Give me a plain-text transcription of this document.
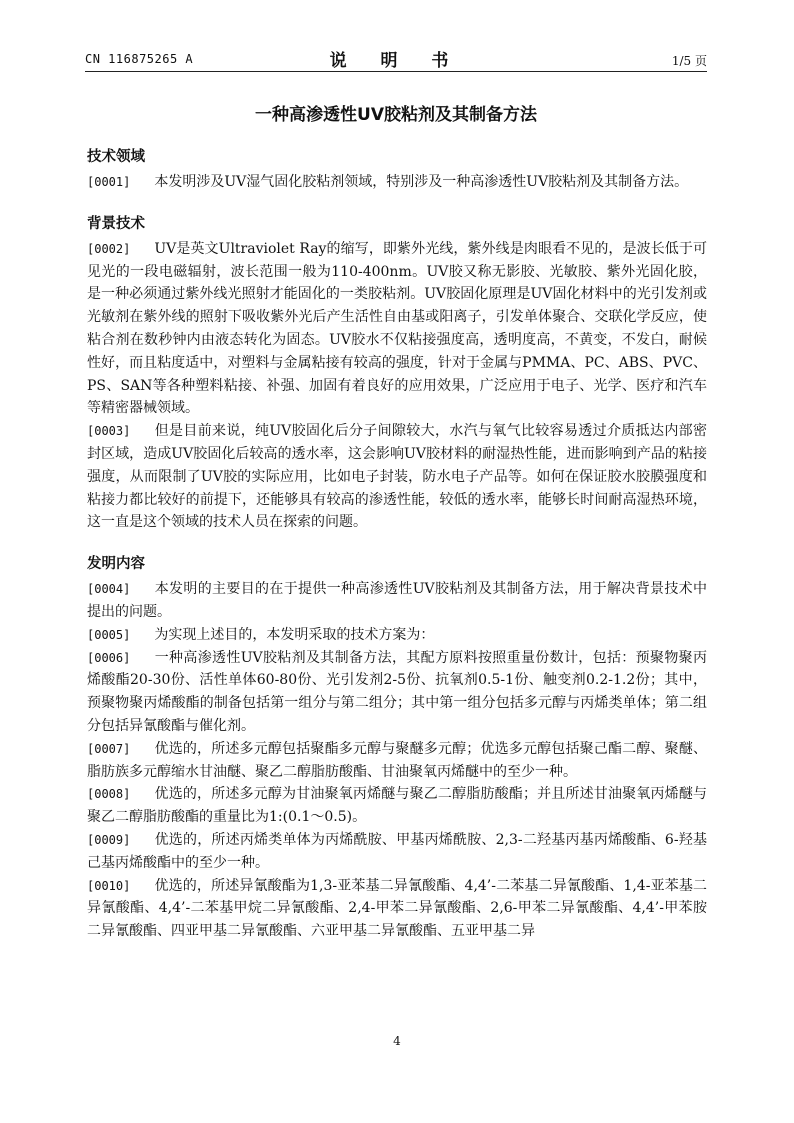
CN 116875265 A	说 明 书	1/5 页
一种高渗透性UV胶粘剂及其制备方法
技术领域

[0001] 本发明涉及UV湿气固化胶粘剂领域，特别涉及一种高渗透性UV胶粘剂及其制备方法。

背景技术

[0002] UV是英文Ultraviolet Ray的缩写，即紫外光线，紫外线是肉眼看不见的，是波长低于可见光的一段电磁辐射，波长范围一般为110-400nm。UV胶又称无影胶、光敏胶、紫外光固化胶，是一种必须通过紫外线光照射才能固化的一类胶粘剂。UV胶固化原理是UV固化材料中的光引发剂或光敏剂在紫外线的照射下吸收紫外光后产生活性自由基或阳离子，引发单体聚合、交联化学反应，使粘合剂在数秒钟内由液态转化为固态。UV胶水不仅粘接强度高，透明度高，不黄变，不发白，耐候性好，而且粘度适中，对塑料与金属粘接有较高的强度，针对于金属与PMMA、PC、ABS、PVC、PS、SAN等各种塑料粘接、补强、加固有着良好的应用效果，广泛应用于电子、光学、医疗和汽车等精密器械领域。

[0003] 但是目前来说，纯UV胶固化后分子间隙较大，水汽与氧气比较容易透过介质抵达内部密封区域，造成UV胶固化后较高的透水率，这会影响UV胶材料的耐湿热性能，进而影响到产品的粘接强度，从而限制了UV胶的实际应用，比如电子封装，防水电子产品等。如何在保证胶水胶膜强度和粘接力都比较好的前提下，还能够具有较高的渗透性能，较低的透水率，能够长时间耐高湿热环境，这一直是这个领域的技术人员在探索的问题。

发明内容

[0004] 本发明的主要目的在于提供一种高渗透性UV胶粘剂及其制备方法，用于解决背景技术中提出的问题。

[0005] 为实现上述目的，本发明采取的技术方案为：

[0006] 一种高渗透性UV胶粘剂及其制备方法，其配方原料按照重量份数计，包括：预聚物聚丙烯酸酯20-30份、活性单体60-80份、光引发剂2-5份、抗氧剂0.5-1份、触变剂0.2-1.2份；其中，预聚物聚丙烯酸酯的制备包括第一组分与第二组分；其中第一组分包括多元醇与丙烯类单体；第二组分包括异氰酸酯与催化剂。

[0007] 优选的，所述多元醇包括聚酯多元醇与聚醚多元醇；优选多元醇包括聚己酯二醇、聚醚、脂肪族多元醇缩水甘油醚、聚乙二醇脂肪酸酯、甘油聚氧丙烯醚中的至少一种。

[0008] 优选的，所述多元醇为甘油聚氧丙烯醚与聚乙二醇脂肪酸酯；并且所述甘油聚氧丙烯醚与聚乙二醇脂肪酸酯的重量比为1:(0.1～0.5)。

[0009] 优选的，所述丙烯类单体为丙烯酰胺、甲基丙烯酰胺、2,3-二羟基丙基丙烯酸酯、6-羟基己基丙烯酸酯中的至少一种。

[0010] 优选的，所述异氰酸酯为1,3-亚苯基二异氰酸酯、4,4’-二苯基二异氰酸酯、1,4-亚苯基二异氰酸酯、4,4’-二苯基甲烷二异氰酸酯、2,4-甲苯二异氰酸酯、2,6-甲苯二异氰酸酯、4,4’-甲苯胺二异氰酸酯、四亚甲基二异氰酸酯、六亚甲基二异氰酸酯、五亚甲基二异

4
